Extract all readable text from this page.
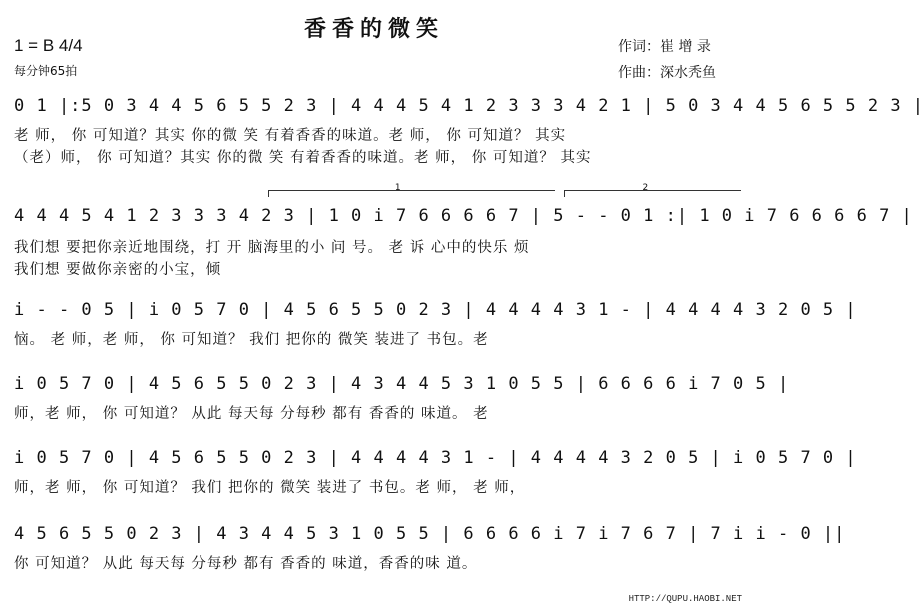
香香的微笑
1 = B 4/4
每分钟65拍
作词：崔 增 录
作曲：深水秃鱼
0 1 |:5 0 3 4 4 5 6 5 5 2 3 | 4 4 4 5 4 1 2 3 3 3 4 2 1 | 5 0 3 4 4 5 6 5 5 2 3 |
老 师， 你 可知道？其实 你的微 笑 有着香香的味道。老 师， 你 可知道？ 其实
（老）师， 你 可知道？其实 你的微 笑 有着香香的味道。老 师， 你 可知道？ 其实
1	2
4 4 4 5 4 1 2 3 3 3 4 2 3 | 1 0 i 7 6 6 6 6 7 | 5 - - 0 1 :| 1 0 i 7 6 6 6 6 7 |
我们想 要把你亲近地围绕，打 开 脑海里的小 问 号。 老 诉 心中的快乐 烦
我们想 要做你亲密的小宝，倾
i - - 0 5 | i 0 5 7 0 | 4 5 6 5 5 0 2 3 | 4 4 4 4 3 1 - | 4 4 4 4 3 2 0 5 |
恼。 老 师，老 师， 你 可知道？ 我们 把你的 微笑 装进了 书包。老
i 0 5 7 0 | 4 5 6 5 5 0 2 3 | 4 3 4 4 5 3 1 0 5 5 | 6 6 6 6 i 7 0 5 |
师，老 师， 你 可知道？ 从此 每天每 分每秒 都有 香香的 味道。 老
i 0 5 7 0 | 4 5 6 5 5 0 2 3 | 4 4 4 4 3 1 - | 4 4 4 4 3 2 0 5 | i 0 5 7 0 |
师，老 师， 你 可知道？ 我们 把你的 微笑 装进了 书包。老 师， 老 师，
4 5 6 5 5 0 2 3 | 4 3 4 4 5 3 1 0 5 5 | 6 6 6 6 i 7 i 7 6 7 | 7 i i - 0 ||
你 可知道？ 从此 每天每 分每秒 都有 香香的 味道，香香的味 道。
HTTP://QUPU.HAOBI.NET
